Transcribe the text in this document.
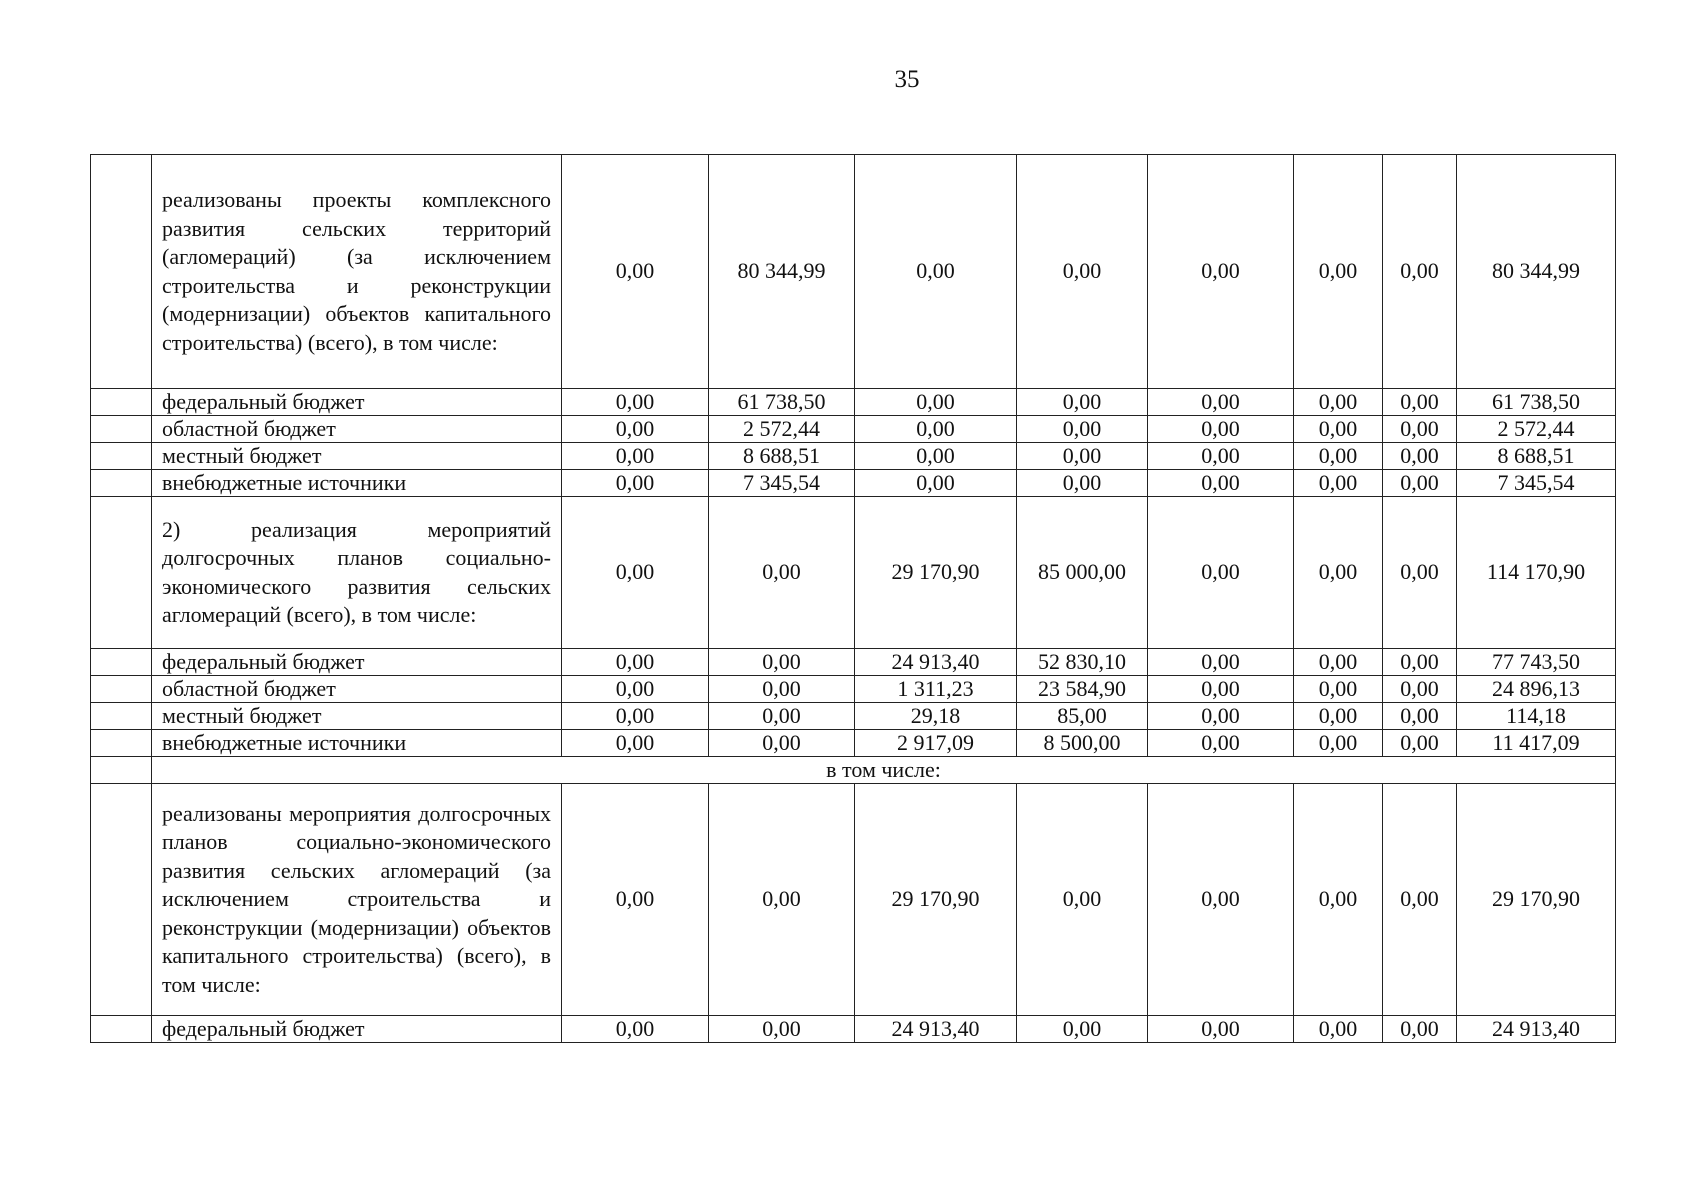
35
	реализованы проекты комплексного развития сельских территорий (агломераций) (за исключением строительства и реконструкции (модернизации) объектов капитального строительства) (всего), в том числе:	0,00	80 344,99	0,00	0,00	0,00	0,00	0,00	80 344,99
	федеральный бюджет	0,00	61 738,50	0,00	0,00	0,00	0,00	0,00	61 738,50
	областной бюджет	0,00	2 572,44	0,00	0,00	0,00	0,00	0,00	2 572,44
	местный бюджет	0,00	8 688,51	0,00	0,00	0,00	0,00	0,00	8 688,51
	внебюджетные источники	0,00	7 345,54	0,00	0,00	0,00	0,00	0,00	7 345,54
	2) реализация мероприятий долгосрочных планов социально-экономического развития сельских агломераций (всего), в том числе:	0,00	0,00	29 170,90	85 000,00	0,00	0,00	0,00	114 170,90
	федеральный бюджет	0,00	0,00	24 913,40	52 830,10	0,00	0,00	0,00	77 743,50
	областной бюджет	0,00	0,00	1 311,23	23 584,90	0,00	0,00	0,00	24 896,13
	местный бюджет	0,00	0,00	29,18	85,00	0,00	0,00	0,00	114,18
	внебюджетные источники	0,00	0,00	2 917,09	8 500,00	0,00	0,00	0,00	11 417,09
	в том числе:								
	реализованы мероприятия долгосрочных планов социально-экономического развития сельских агломераций (за исключением строительства и реконструкции (модернизации) объектов капитального строительства) (всего), в том числе:	0,00	0,00	29 170,90	0,00	0,00	0,00	0,00	29 170,90
	федеральный бюджет	0,00	0,00	24 913,40	0,00	0,00	0,00	0,00	24 913,40
